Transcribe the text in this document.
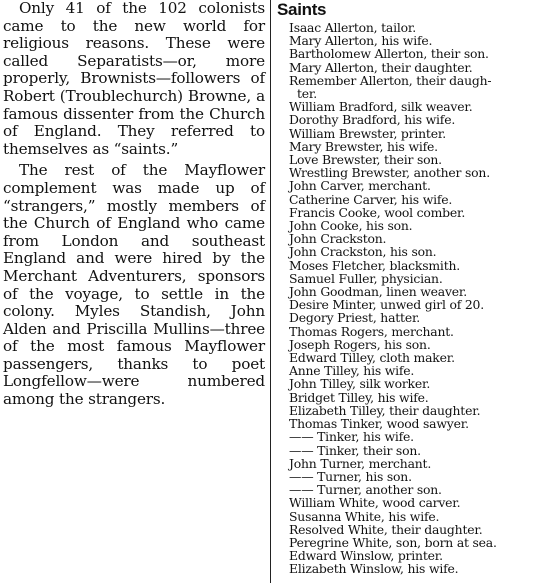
Only 41 of the 102 colonists came to the new world for religious reasons. These were called Separatists—or, more properly, Brownists—followers of Robert (Troublechurch) Browne, a famous dissenter from the Church of England. They referred to themselves as “saints.”

The rest of the Mayflower complement was made up of “strangers,” mostly members of the Church of England who came from London and southeast England and were hired by the Merchant Adventurers, sponsors of the voyage, to settle in the colony. Myles Standish, John Alden and Priscilla Mullins—three of the most famous Mayflower passengers, thanks to poet Longfellow—were numbered among the strangers.

Saints
Isaac Allerton, tailor.
Mary Allerton, his wife.
Bartholomew Allerton, their son.
Mary Allerton, their daughter.
Remember Allerton, their daugh-
ter.
William Bradford, silk weaver.
Dorothy Bradford, his wife.
William Brewster, printer.
Mary Brewster, his wife.
Love Brewster, their son.
Wrestling Brewster, another son.
John Carver, merchant.
Catherine Carver, his wife.
Francis Cooke, wool comber.
John Cooke, his son.
John Crackston.
John Crackston, his son.
Moses Fletcher, blacksmith.
Samuel Fuller, physician.
John Goodman, linen weaver.
Desire Minter, unwed girl of 20.
Degory Priest, hatter.
Thomas Rogers, merchant.
Joseph Rogers, his son.
Edward Tilley, cloth maker.
Anne Tilley, his wife.
John Tilley, silk worker.
Bridget Tilley, his wife.
Elizabeth Tilley, their daughter.
Thomas Tinker, wood sawyer.
—— Tinker, his wife.
—— Tinker, their son.
John Turner, merchant.
—— Turner, his son.
—— Turner, another son.
William White, wood carver.
Susanna White, his wife.
Resolved White, their daughter.
Peregrine White, son, born at sea.
Edward Winslow, printer.
Elizabeth Winslow, his wife.
